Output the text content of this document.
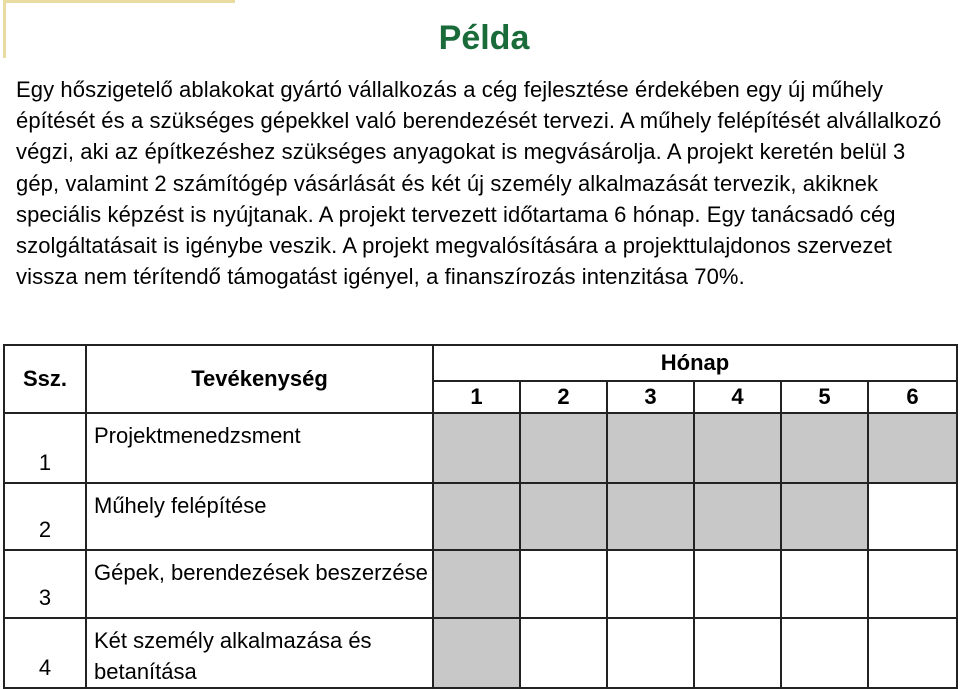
Példa

Egy hőszigetelő ablakokat gyártó vállalkozás a cég fejlesztése érdekében egy új műhely építését és a szükséges gépekkel való berendezését tervezi. A műhely felépítését alvállalkozó végzi, aki az építkezéshez szükséges anyagokat is megvásárolja. A projekt keretén belül 3 gép, valamint 2 számítógép vásárlását és két új személy alkalmazását tervezik, akiknek speciális képzést is nyújtanak. A projekt tervezett időtartama 6 hónap. Egy tanácsadó cég szolgáltatásait is igénybe veszik. A projekt megvalósítására a projekttulajdonos szervezet vissza nem térítendő támogatást igényel, a finanszírozás intenzitása 70%.

Ssz.	Tevékenység	Hónap					
		1	2	3	4	5	6
1	Projektmenedzsment						
2	Műhely felépítése						
3	Gépek, berendezések beszerzése						
4	Két személy alkalmazása és betanítása						
